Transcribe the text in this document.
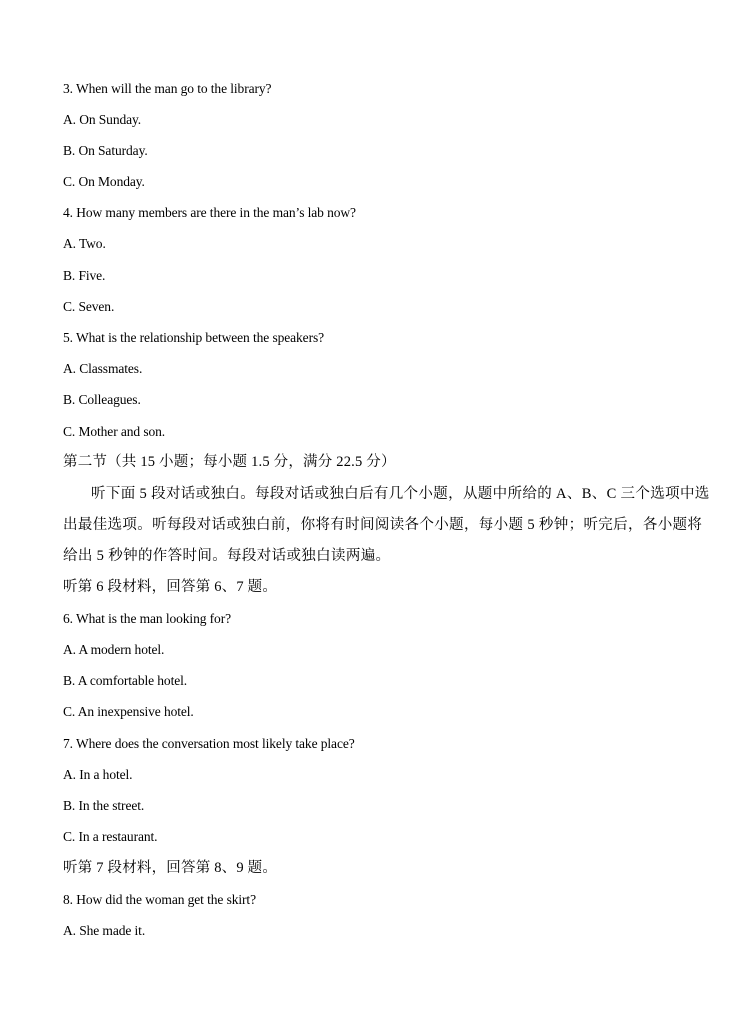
3. When will the man go to the library?
A. On Sunday.
B. On Saturday.
C. On Monday.
4. How many members are there in the man’s lab now?
A. Two.
B. Five.
C. Seven.
5. What is the relationship between the speakers?
A. Classmates.
B. Colleagues.
C. Mother and son.
第二节（共 15 小题；每小题 1.5 分，满分 22.5 分）
听下面 5 段对话或独白。每段对话或独白后有几个小题，从题中所给的 A、B、C 三个选项中选
出最佳选项。听每段对话或独白前，你将有时间阅读各个小题，每小题 5 秒钟；听完后，各小题将
给出 5 秒钟的作答时间。每段对话或独白读两遍。
听第 6 段材料，回答第 6、7 题。
6. What is the man looking for?
A. A modern hotel.
B. A comfortable hotel.
C. An inexpensive hotel.
7. Where does the conversation most likely take place?
A. In a hotel.
B. In the street.
C. In a restaurant.
听第 7 段材料，回答第 8、9 题。
8. How did the woman get the skirt?
A. She made it.
